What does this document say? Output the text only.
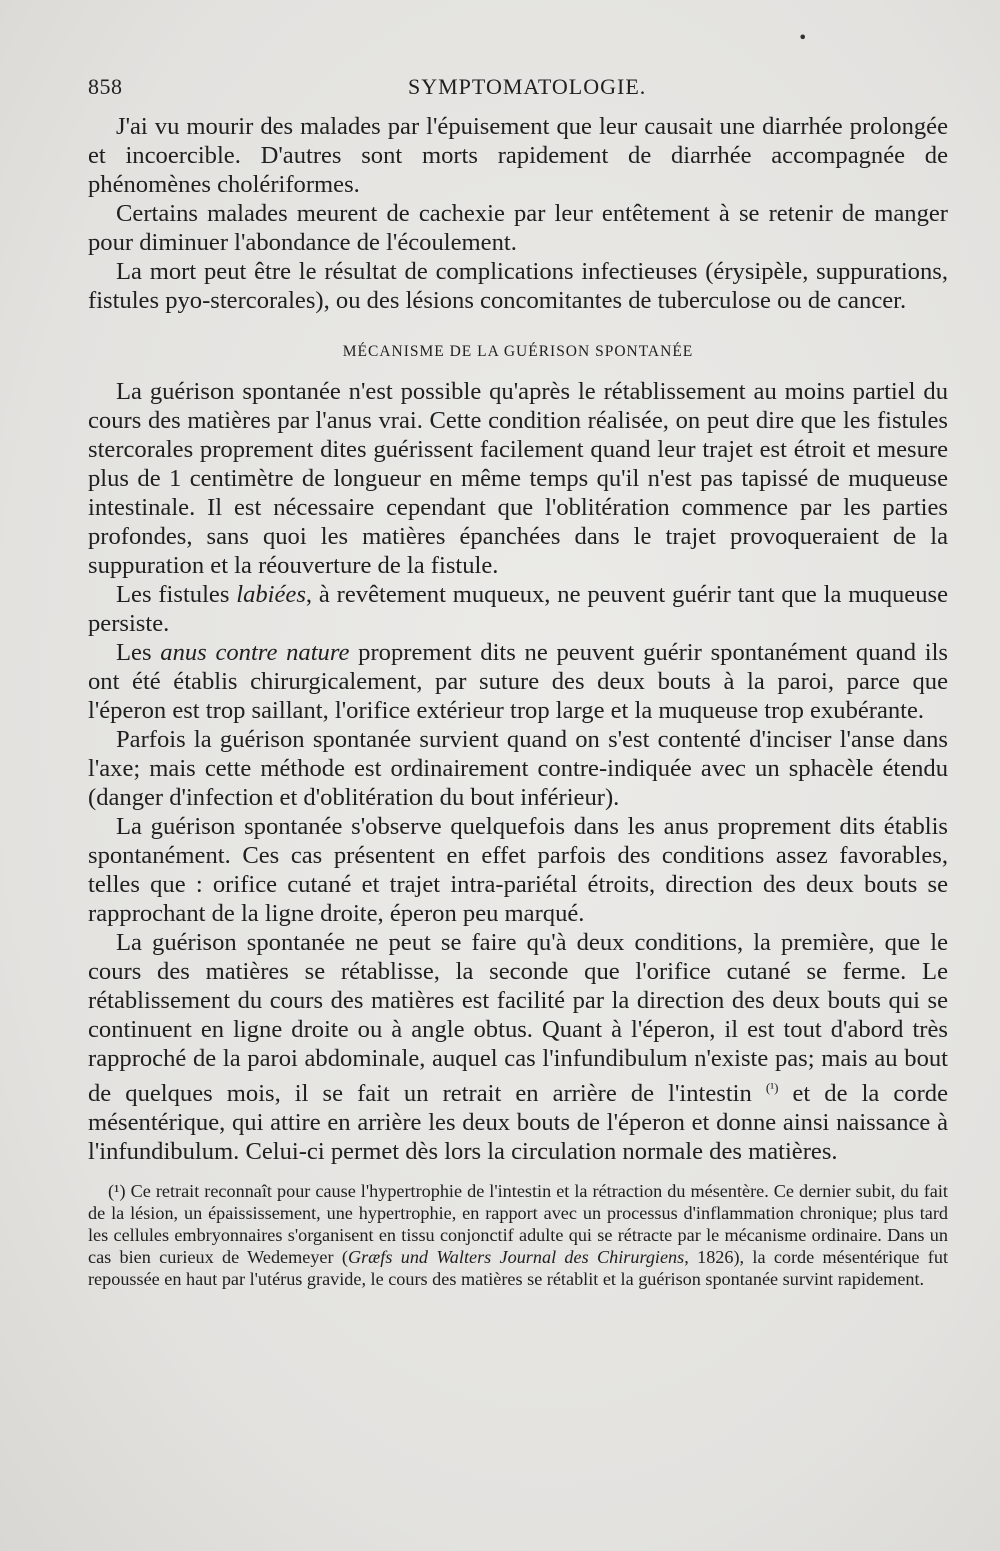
•
858	SYMPTOMATOLOGIE.

J'ai vu mourir des malades par l'épuisement que leur causait une diarrhée prolongée et incoercible. D'autres sont morts rapidement de diarrhée accompagnée de phénomènes cholériformes.

Certains malades meurent de cachexie par leur entêtement à se retenir de manger pour diminuer l'abondance de l'écoulement.

La mort peut être le résultat de complications infectieuses (érysipèle, suppurations, fistules pyo-stercorales), ou des lésions concomitantes de tuberculose ou de cancer.

MÉCANISME DE LA GUÉRISON SPONTANÉE

La guérison spontanée n'est possible qu'après le rétablissement au moins partiel du cours des matières par l'anus vrai. Cette condition réalisée, on peut dire que les fistules stercorales proprement dites guérissent facilement quand leur trajet est étroit et mesure plus de 1 centimètre de longueur en même temps qu'il n'est pas tapissé de muqueuse intestinale. Il est nécessaire cependant que l'oblitération commence par les parties profondes, sans quoi les matières épanchées dans le trajet provoqueraient de la suppuration et la réouverture de la fistule.

Les fistules labiées, à revêtement muqueux, ne peuvent guérir tant que la muqueuse persiste.

Les anus contre nature proprement dits ne peuvent guérir spontanément quand ils ont été établis chirurgicalement, par suture des deux bouts à la paroi, parce que l'éperon est trop saillant, l'orifice extérieur trop large et la muqueuse trop exubérante.

Parfois la guérison spontanée survient quand on s'est contenté d'inciser l'anse dans l'axe; mais cette méthode est ordinairement contre-indiquée avec un sphacèle étendu (danger d'infection et d'oblitération du bout inférieur).

La guérison spontanée s'observe quelquefois dans les anus proprement dits établis spontanément. Ces cas présentent en effet parfois des conditions assez favorables, telles que : orifice cutané et trajet intra-pariétal étroits, direction des deux bouts se rapprochant de la ligne droite, éperon peu marqué.

La guérison spontanée ne peut se faire qu'à deux conditions, la première, que le cours des matières se rétablisse, la seconde que l'orifice cutané se ferme. Le rétablissement du cours des matières est facilité par la direction des deux bouts qui se continuent en ligne droite ou à angle obtus. Quant à l'éperon, il est tout d'abord très rapproché de la paroi abdominale, auquel cas l'infundibulum n'existe pas; mais au bout de quelques mois, il se fait un retrait en arrière de l'intestin $^{(^1)}$ et de la corde mésentérique, qui attire en arrière les deux bouts de l'éperon et donne ainsi naissance à l'infundibulum. Celui-ci permet dès lors la circulation normale des matières.

(¹) Ce retrait reconnaît pour cause l'hypertrophie de l'intestin et la rétraction du mésentère. Ce dernier subit, du fait de la lésion, un épaississement, une hypertrophie, en rapport avec un processus d'inflammation chronique; plus tard les cellules embryonnaires s'organisent en tissu conjonctif adulte qui se rétracte par le mécanisme ordinaire. Dans un cas bien curieux de Wedemeyer (Græfs und Walters Journal des Chirurgiens, 1826), la corde mésentérique fut repoussée en haut par l'utérus gravide, le cours des matières se rétablit et la guérison spontanée survint rapidement.
